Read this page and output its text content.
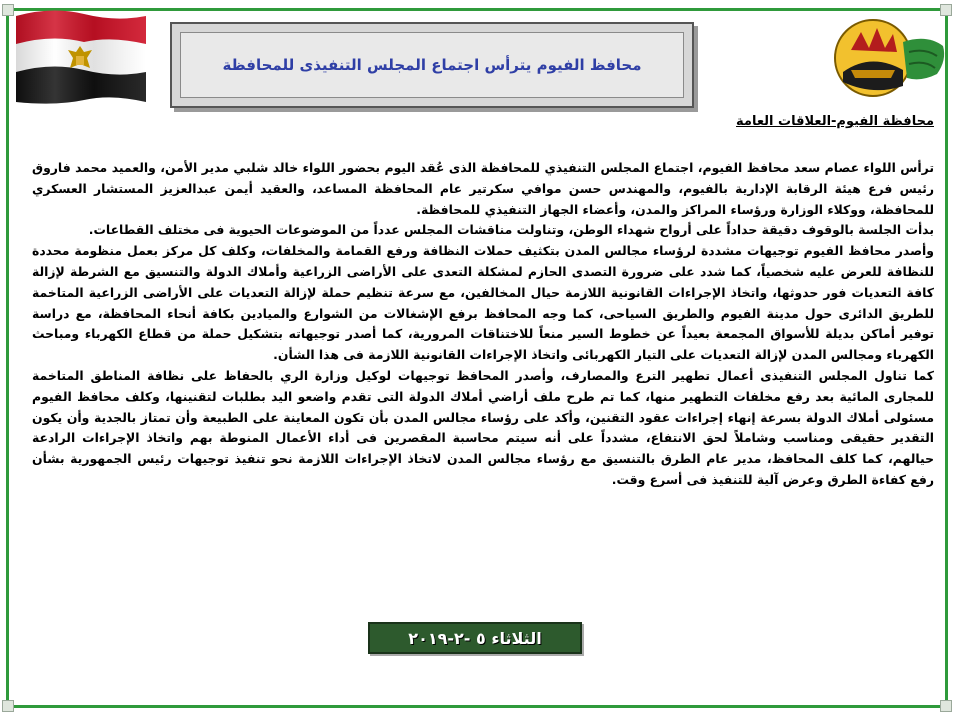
محافظ الفيوم يترأس اجتماع المجلس التنفيذى للمحافظة
محافظة الفيوم-العلاقات العامة

ترأس اللواء عصام سعد محافظ الفيوم، اجتماع المجلس التنفيذي للمحافظة الذى عُقد اليوم بحضور اللواء خالد شلبي مدير الأمن، والعميد محمد فاروق رئيس فرع هيئة الرقابة الإدارية بالفيوم، والمهندس حسن موافي سكرتير عام المحافظة المساعد، والعقيد أيمن عبدالعزيز المستشار العسكري للمحافظة، ووكلاء الوزارة ورؤساء المراكز والمدن، وأعضاء الجهاز التنفيذي للمحافظة.

بدأت الجلسة بالوقوف دقيقة حداداً على أرواح شهداء الوطن، وتناولت مناقشات المجلس عدداً من الموضوعات الحيوية فى مختلف القطاعات.

وأصدر محافظ الفيوم توجيهات مشددة لرؤساء مجالس المدن بتكثيف حملات النظافة ورفع القمامة والمخلفات، وكلف كل مركز بعمل منظومة محددة للنظافة للعرض عليه شخصياً، كما شدد على ضرورة التصدى الحازم لمشكلة التعدى على الأراضى الزراعية وأملاك الدولة والتنسيق مع الشرطة لإزالة كافة التعديات فور حدوثها، واتخاذ الإجراءات القانونية اللازمة حيال المخالفين، مع سرعة تنظيم حملة لإزالة التعديات على الأراضى الزراعية المتاخمة للطريق الدائرى حول مدينة الفيوم والطريق السياحى، كما وجه المحافظ برفع الإشغالات من الشوارع والميادين بكافة أنحاء المحافظة، مع دراسة توفير أماكن بديلة للأسواق المجمعة بعيداً عن خطوط السير منعاً للاختناقات المرورية، كما أصدر توجيهاته بتشكيل حملة من قطاع الكهرباء ومباحث الكهرباء ومجالس المدن لإزالة التعديات على التيار الكهربائى واتخاذ الإجراءات القانونية اللازمة فى هذا الشأن.

كما تناول المجلس التنفيذى أعمال تطهير الترع والمصارف، وأصدر المحافظ توجيهات لوكيل وزارة الري بالحفاظ على نظافة المناطق المتاخمة للمجارى المائية بعد رفع مخلفات التطهير منها، كما تم طرح ملف أراضي أملاك الدولة التى تقدم واضعو اليد بطلبات لتقنينها، وكلف محافظ الفيوم مسئولى أملاك الدولة بسرعة إنهاء إجراءات عقود التقنين، وأكد على رؤساء مجالس المدن بأن تكون المعاينة على الطبيعة وأن تمتاز بالجدية وأن يكون التقدير حقيقى ومناسب وشاملاً لحق الانتفاع، مشدداً على أنه سيتم محاسبة المقصرين فى أداء الأعمال المنوطة بهم واتخاذ الإجراءات الرادعة حيالهم، كما كلف المحافظ، مدير عام الطرق بالتنسيق مع رؤساء مجالس المدن لاتخاذ الإجراءات اللازمة نحو تنفيذ توجيهات رئيس الجمهورية بشأن رفع كفاءة الطرق وعرض آلية للتنفيذ فى أسرع وقت.

الثلاثاء ٥ -٢-٢٠١٩
